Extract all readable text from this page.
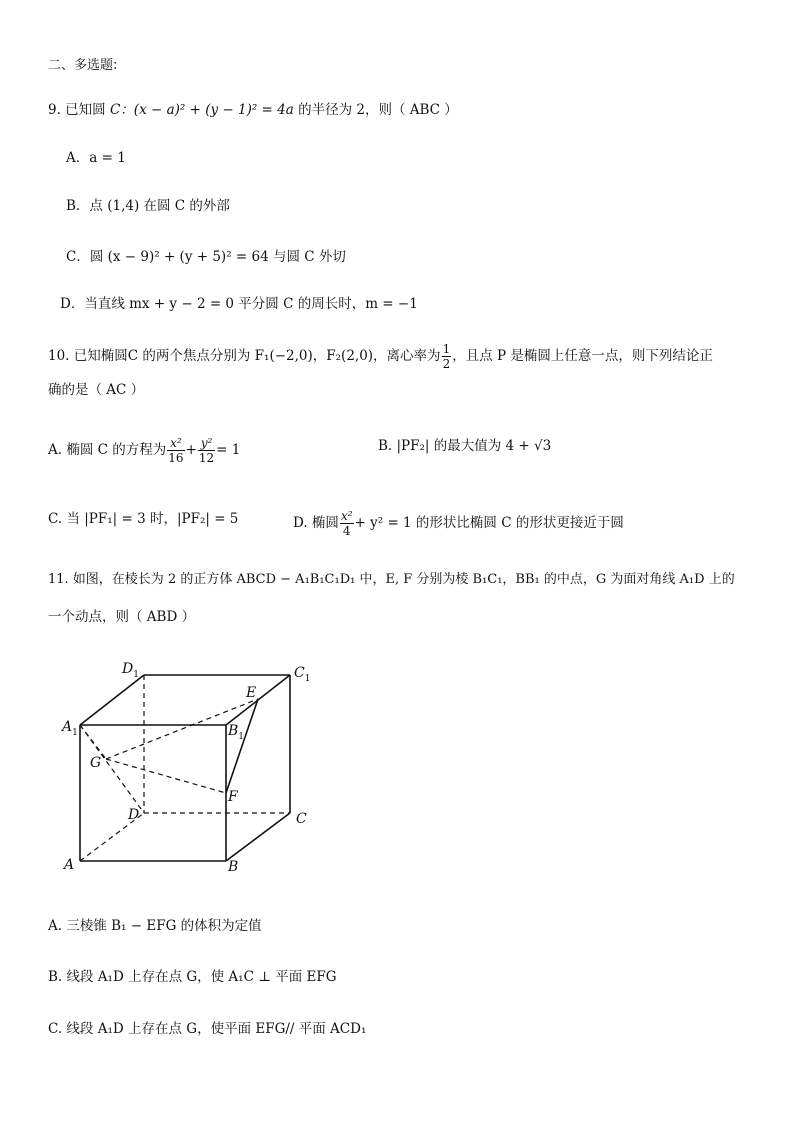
二、多选题:
9. 已知圆 C：(x − a)² + (y − 1)² = 4a 的半径为 2，则（ ABC ）
A．a = 1
B．点 (1,4) 在圆 C 的外部
C．圆 (x − 9)² + (y + 5)² = 64 与圆 C 外切
D．当直线 mx + y − 2 = 0 平分圆 C 的周长时，m = −1
10. 已知椭圆C 的两个焦点分别为 F₁(−2,0)，F₂(2,0)，离心率为 $\frac{1}{2}$ ，且点 P 是椭圆上任意一点，则下列结论正
确的是（ AC ）
A. 椭圆 C 的方程为 $\frac{\text{x²}}{16} + \frac{\text{y²}}{12} = 1$	B. |PF₂| 的最大值为 4 + √3
C. 当 |PF₁| = 3 时，|PF₂| = 5	D. 椭圆 $\frac{\text{x²}}{4} + y^2 = 1$ 的形状比椭圆 C 的形状更接近于圆
11. 如图，在棱长为 2 的正方体 ABCD − A₁B₁C₁D₁ 中，E, F 分别为棱 B₁C₁，BB₁ 的中点，G 为面对角线 A₁D 上的
一个动点，则（ ABD ）
$D_1$	$C_1$
$A_1$	$B_1$
E
F
G
D	C
A	B
A. 三棱锥 B₁ − EFG 的体积为定值
B. 线段 A₁D 上存在点 G，使 A₁C ⊥ 平面 EFG
C. 线段 A₁D 上存在点 G，使平面 EFG// 平面 ACD₁
